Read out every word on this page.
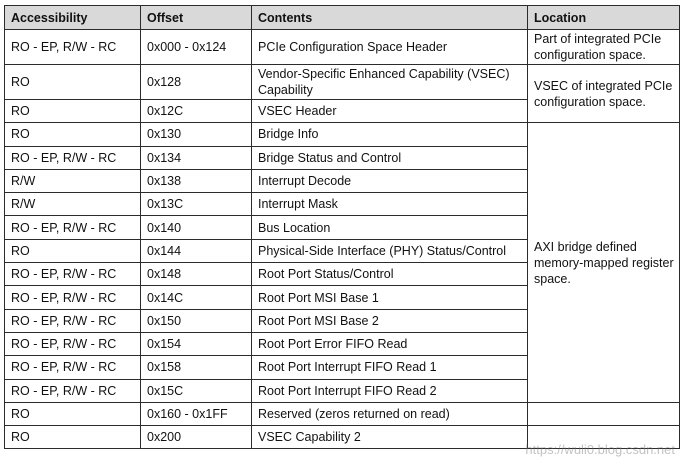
Accessibility	Offset	Contents	Location
RO - EP, R/W - RC	0x000 - 0x124	PCIe Configuration Space Header	Part of integrated PCIe configuration space.
RO	0x128	Vendor-Specific Enhanced Capability (VSEC) Capability	VSEC of integrated PCIe configuration space.
RO	0x12C	VSEC Header	
RO	0x130	Bridge Info	AXI bridge defined memory-mapped register space.
RO - EP, R/W - RC	0x134	Bridge Status and Control	
R/W	0x138	Interrupt Decode	
R/W	0x13C	Interrupt Mask	
RO - EP, R/W - RC	0x140	Bus Location	
RO	0x144	Physical-Side Interface (PHY) Status/Control	
RO - EP, R/W - RC	0x148	Root Port Status/Control	
RO - EP, R/W - RC	0x14C	Root Port MSI Base 1	
RO - EP, R/W - RC	0x150	Root Port MSI Base 2	
RO - EP, R/W - RC	0x154	Root Port Error FIFO Read	
RO - EP, R/W - RC	0x158	Root Port Interrupt FIFO Read 1	
RO - EP, R/W - RC	0x15C	Root Port Interrupt FIFO Read 2	
RO	0x160 - 0x1FF	Reserved (zeros returned on read)	
RO	0x200	VSEC Capability 2	
https://wuli0.blog.csdn.net
